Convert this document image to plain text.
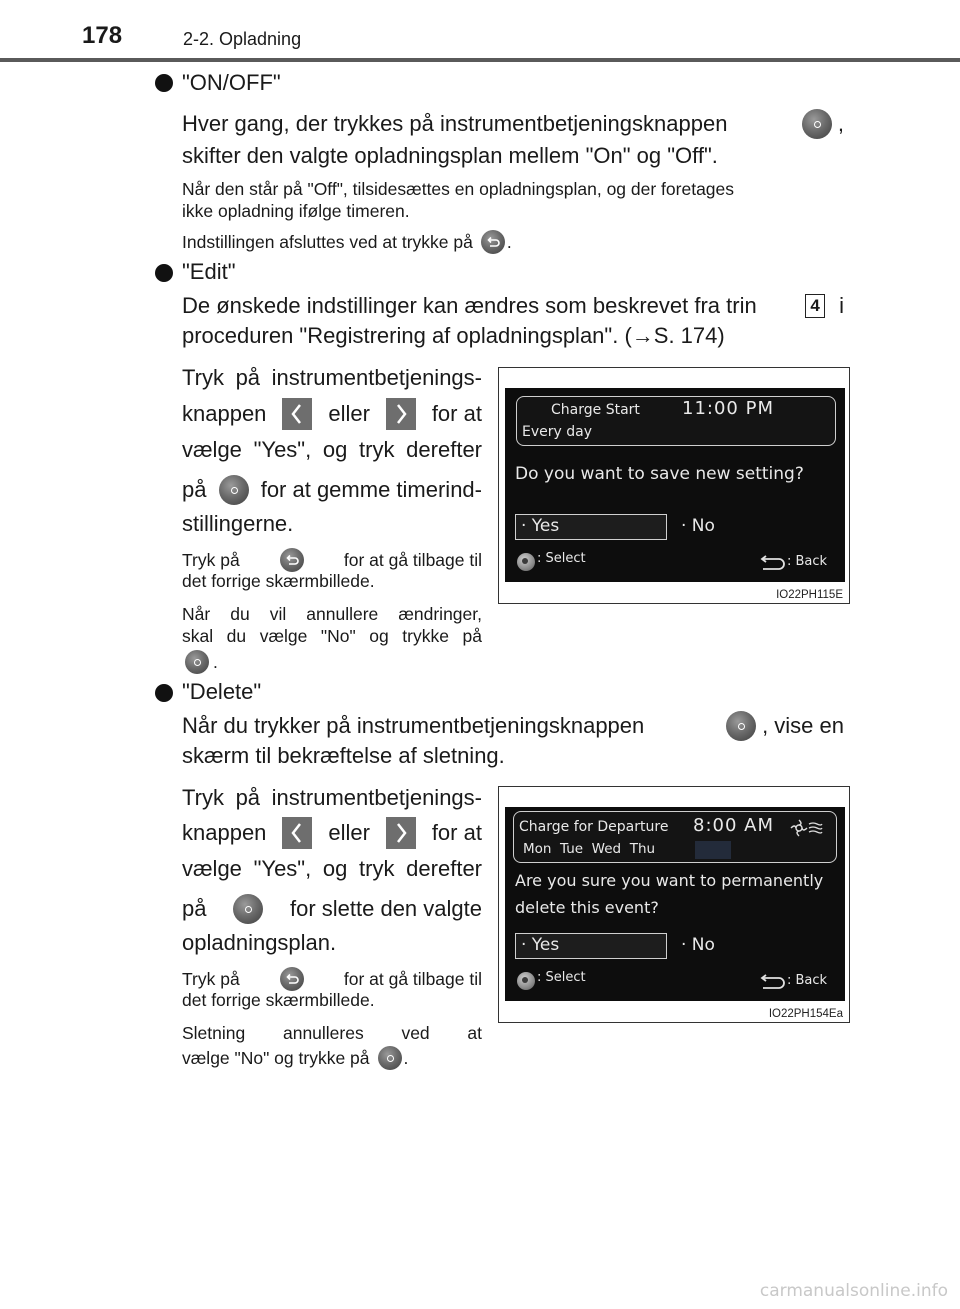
178	2-2. Opladning
"ON/OFF"
Hver gang, der trykkes på instrumentbetjeningsknappen	,
skifter den valgte opladningsplan mellem "On" og "Off".
Når den står på "Off", tilsidesættes en opladningsplan, og der foretages
ikke opladning ifølge timeren.
Indstillingen afsluttes ved at trykke på .
"Edit"
De ønskede indstillinger kan ændres som beskrevet fra trin	4 i
proceduren "Registrering af opladningsplan". (→S. 174)
Tryk på instrumentbetjenings-
knappen	eller	for at
vælge "Yes", og tryk derefter
på for at gemme timerind-
stillingerne.
Tryk på	for at gå tilbage til
det forrige skærmbillede.
Når du vil annullere ændringer,
skal du vælge "No" og trykke på
.
Charge Start 11:00 PM
Every day
Do you want to save new setting?
· Yes	· No
: Select	: Back
IO22PH115E
"Delete"
Når du trykker på instrumentbetjeningsknappen	, vise en
skærm til bekræftelse af sletning.
Tryk på instrumentbetjenings-
knappen	eller	for at
vælge "Yes", og tryk derefter
på	for slette den valgte
opladningsplan.
Tryk på	for at gå tilbage til
det forrige skærmbillede.
Sletning annulleres ved at
vælge "No" og trykke på .
Charge for Departure 8:00 AM
Mon  Tue  Wed  Thu
Are you sure you want to permanently
delete this event?
· Yes	· No
: Select	: Back
IO22PH154Ea
carmanualsonline.info
